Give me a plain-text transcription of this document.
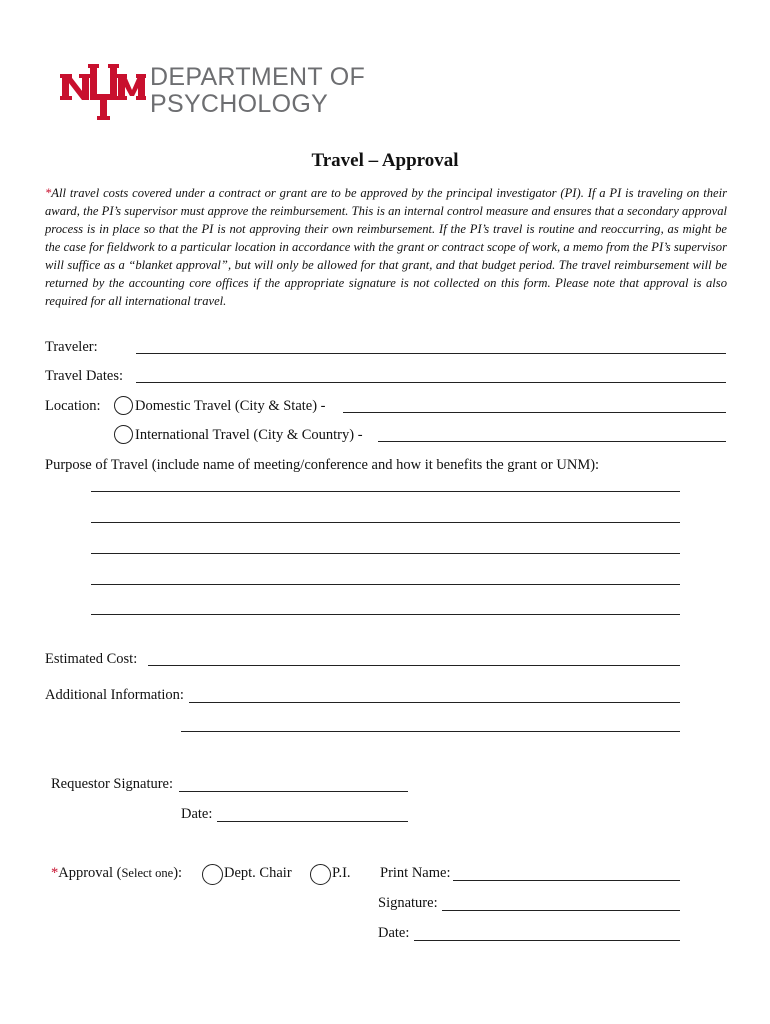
DEPARTMENT OF
PSYCHOLOGY
Travel – Approval
*All travel costs covered under a contract or grant are to be approved by the principal investigator (PI). If a PI is traveling on their award, the PI’s supervisor must approve the reimbursement. This is an internal control measure and ensures that a secondary approval process is in place so that the PI is not approving their own reimbursement. If the PI’s travel is routine and reoccurring, as might be the case for fieldwork to a particular location in accordance with the grant or contract scope of work, a memo from the PI’s supervisor will suffice as a “blanket approval”, but will only be allowed for that grant, and that budget period. The travel reimbursement will be returned by the accounting core offices if the appropriate signature is not collected on this form. Please note that approval is also required for all international travel.
Traveler:
Travel Dates:
Location: Domestic Travel (City & State) -
International Travel (City & Country) -
Purpose of Travel (include name of meeting/conference and how it benefits the grant or UNM):
Estimated Cost:
Additional Information:
Requestor Signature:
Date:
*Approval (Select one):	Dept. Chair	P.I. Print Name:
Signature:
Date:
